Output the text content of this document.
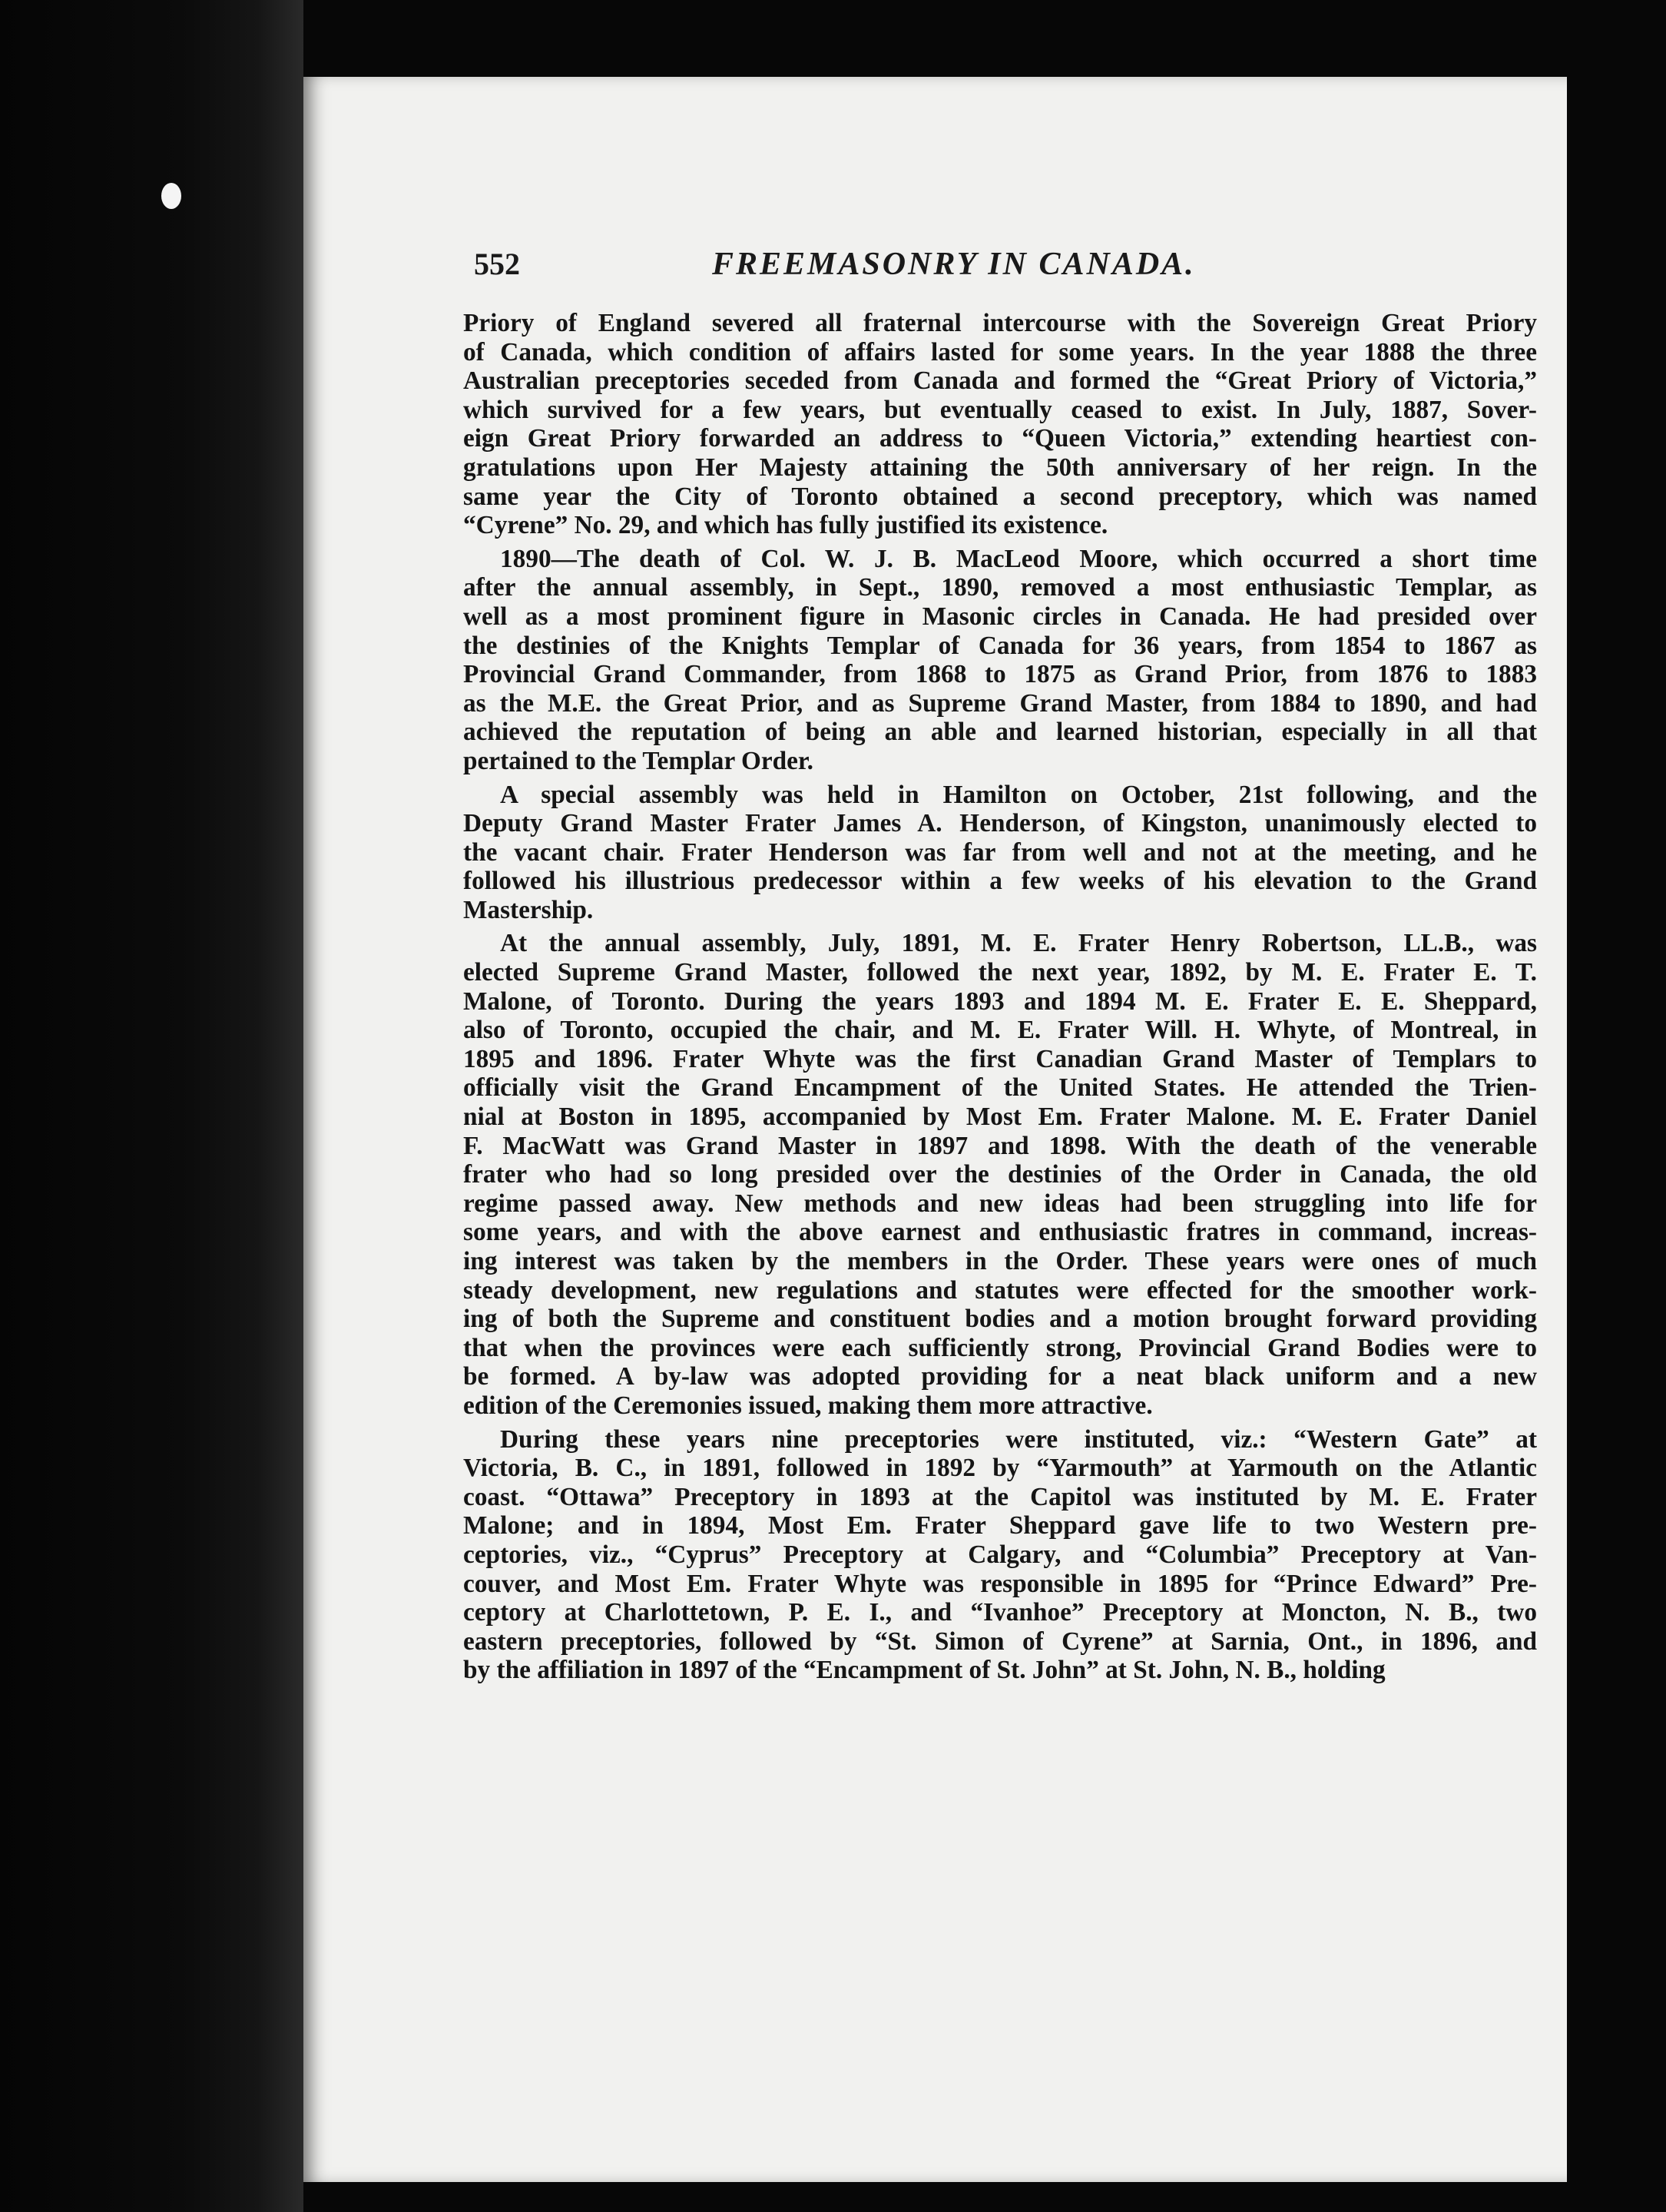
552	FREEMASONRY IN CANADA.
Priory of England severed all fraternal intercourse with the Sovereign Great Priory
of Canada, which condition of affairs lasted for some years. In the year 1888 the three
Australian preceptories seceded from Canada and formed the “Great Priory of Victoria,”
which survived for a few years, but eventually ceased to exist. In July, 1887, Sover-
eign Great Priory forwarded an address to “Queen Victoria,” extending heartiest con-
gratulations upon Her Majesty attaining the 50th anniversary of her reign. In the
same year the City of Toronto obtained a second preceptory, which was named
“Cyrene” No. 29, and which has fully justified its existence.
1890—The death of Col. W. J. B. MacLeod Moore, which occurred a short time
after the annual assembly, in Sept., 1890, removed a most enthusiastic Templar, as
well as a most prominent figure in Masonic circles in Canada. He had presided over
the destinies of the Knights Templar of Canada for 36 years, from 1854 to 1867 as
Provincial Grand Commander, from 1868 to 1875 as Grand Prior, from 1876 to 1883
as the M.E. the Great Prior, and as Supreme Grand Master, from 1884 to 1890, and had
achieved the reputation of being an able and learned historian, especially in all that
pertained to the Templar Order.
A special assembly was held in Hamilton on October, 21st following, and the
Deputy Grand Master Frater James A. Henderson, of Kingston, unanimously elected to
the vacant chair. Frater Henderson was far from well and not at the meeting, and he
followed his illustrious predecessor within a few weeks of his elevation to the Grand
Mastership.
At the annual assembly, July, 1891, M. E. Frater Henry Robertson, LL.B., was
elected Supreme Grand Master, followed the next year, 1892, by M. E. Frater E. T.
Malone, of Toronto. During the years 1893 and 1894 M. E. Frater E. E. Sheppard,
also of Toronto, occupied the chair, and M. E. Frater Will. H. Whyte, of Montreal, in
1895 and 1896. Frater Whyte was the first Canadian Grand Master of Templars to
officially visit the Grand Encampment of the United States. He attended the Trien-
nial at Boston in 1895, accompanied by Most Em. Frater Malone. M. E. Frater Daniel
F. MacWatt was Grand Master in 1897 and 1898. With the death of the venerable
frater who had so long presided over the destinies of the Order in Canada, the old
regime passed away. New methods and new ideas had been struggling into life for
some years, and with the above earnest and enthusiastic fratres in command, increas-
ing interest was taken by the members in the Order. These years were ones of much
steady development, new regulations and statutes were effected for the smoother work-
ing of both the Supreme and constituent bodies and a motion brought forward providing
that when the provinces were each sufficiently strong, Provincial Grand Bodies were to
be formed. A by-law was adopted providing for a neat black uniform and a new
edition of the Ceremonies issued, making them more attractive.
During these years nine preceptories were instituted, viz.: “Western Gate” at
Victoria, B. C., in 1891, followed in 1892 by “Yarmouth” at Yarmouth on the Atlantic
coast. “Ottawa” Preceptory in 1893 at the Capitol was instituted by M. E. Frater
Malone; and in 1894, Most Em. Frater Sheppard gave life to two Western pre-
ceptories, viz., “Cyprus” Preceptory at Calgary, and “Columbia” Preceptory at Van-
couver, and Most Em. Frater Whyte was responsible in 1895 for “Prince Edward” Pre-
ceptory at Charlottetown, P. E. I., and “Ivanhoe” Preceptory at Moncton, N. B., two
eastern preceptories, followed by “St. Simon of Cyrene” at Sarnia, Ont., in 1896, and
by the affiliation in 1897 of the “Encampment of St. John” at St. John, N. B., holding
